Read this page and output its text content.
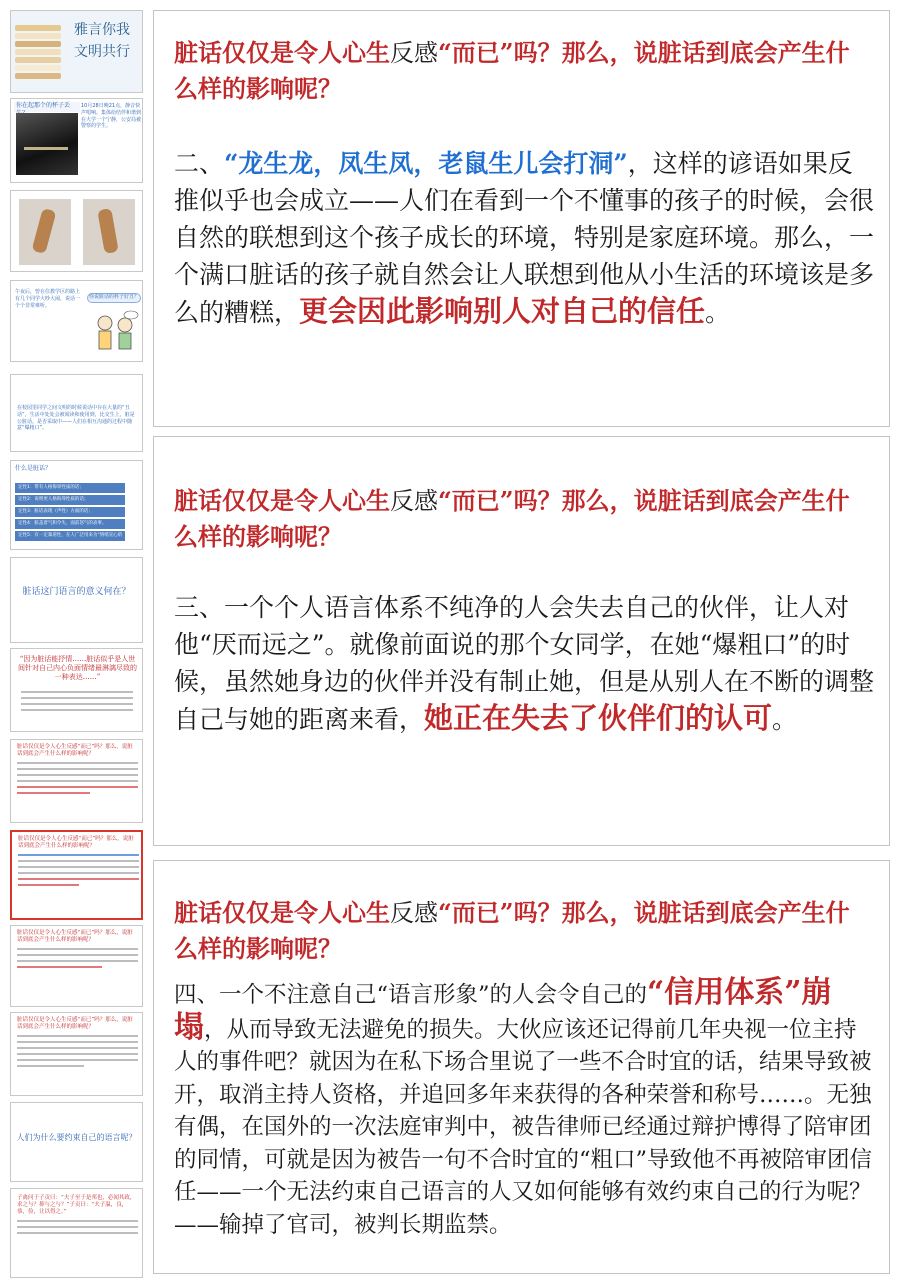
雅言你我
文明共行
你在起那个的杯子丢	10月28日晚21点，静音快声唱响。集体给结伴和谐到在大学一个宁静，公安局被警察的学生。
午夜后，曾在住教学区的路上有几个同学大吵大闹，说话一个个非常难听。
你说脏话的杯子好丑？
在校园里同学之间文明的时候说话中存在大量的“丑话”，生活中处处会被阅读和使用到，比交生上，脏是公脏话。是否采取中——人们在相互沟通的过程中随意“爆粗口”。
什么是脏话？
定性1：带有人格侮辱性质的话；
定性2：说明更人格侮辱性质的话；
定性3：脏话表现（声性）方面的话；
定性4：脏盖着气和令失，面前怒气的表事。
定性5：有一定暴虐性，在人广泛用来为“情绪宣心的表达”。
脏话这门语言的意义何在？
“因为脏话能抒情……脏话似乎是人世间针对自己内心负面情绪最淋漓尽致的一种表达……”
脏话仅仅是令人心生反感“而已”吗？那么，说脏话到底会产生什么样的影响呢？
脏话仅仅是令人心生反感“而已”吗？那么，说脏话到底会产生什么样的影响呢？
脏话仅仅是令人心生反感“而已”吗？那么，说脏话到底会产生什么样的影响呢？
脏话仅仅是令人心生反感“而已”吗？那么，说脏话到底会产生什么样的影响呢？
人们为什么要约束自己的语言呢？
子禽问于子贡曰：“夫子至于是邦也，必闻其政，求之与？抑与之与？”子贡曰：“夫子温，良，恭，俭，让以得之。”
脏话仅仅是令人心生反感“而已”吗？那么，说脏话到底会产生什么样的影响呢？
二、“龙生龙，凤生凤，老鼠生儿会打洞”，这样的谚语如果反推似乎也会成立——人们在看到一个不懂事的孩子的时候，会很自然的联想到这个孩子成长的环境，特别是家庭环境。那么，一个满口脏话的孩子就自然会让人联想到他从小生活的环境该是多么的糟糕，更会因此影响别人对自己的信任。
脏话仅仅是令人心生反感“而已”吗？那么，说脏话到底会产生什么样的影响呢？
三、一个个人语言体系不纯净的人会失去自己的伙伴，让人对他“厌而远之”。就像前面说的那个女同学，在她“爆粗口”的时候，虽然她身边的伙伴并没有制止她，但是从别人在不断的调整自己与她的距离来看，她正在失去了伙伴们的认可。
脏话仅仅是令人心生反感“而已”吗？那么，说脏话到底会产生什么样的影响呢？
四、一个不注意自己“语言形象”的人会令自己的“信用体系”崩塌，从而导致无法避免的损失。大伙应该还记得前几年央视一位主持人的事件吧？就因为在私下场合里说了一些不合时宜的话，结果导致被开，取消主持人资格，并追回多年来获得的各种荣誉和称号……。无独有偶，在国外的一次法庭审判中，被告律师已经通过辩护博得了陪审团的同情，可就是因为被告一句不合时宜的“粗口”导致他不再被陪审团信任——一个无法约束自己语言的人又如何能够有效约束自己的行为呢？——输掉了官司，被判长期监禁。
